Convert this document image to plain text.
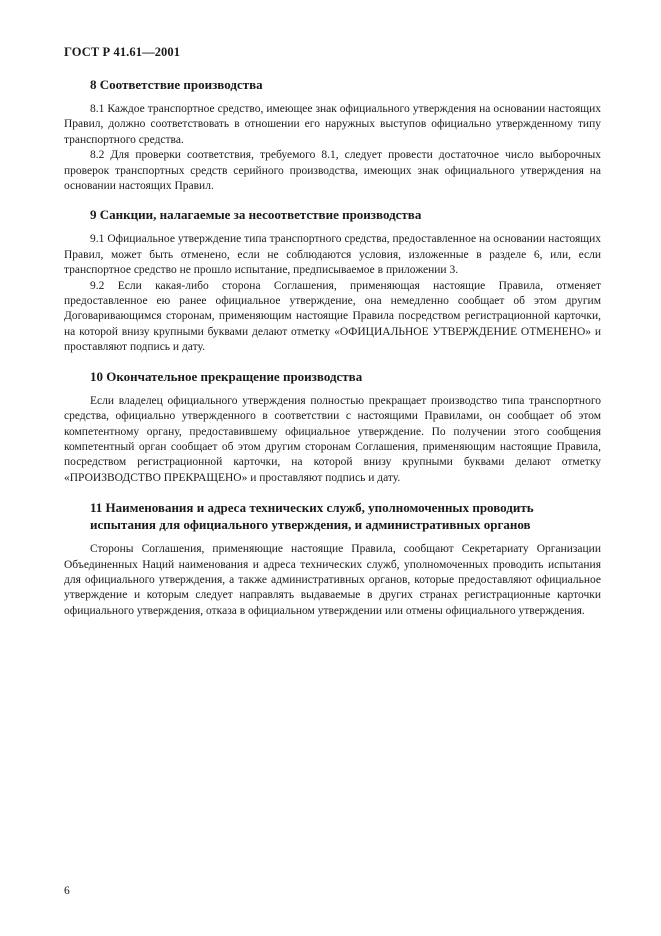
ГОСТ Р 41.61—2001
8 Соответствие производства

8.1 Каждое транспортное средство, имеющее знак официального утверждения на основании настоящих Правил, должно соответствовать в отношении его наружных выступов официально утвержденному типу транспортного средства.

8.2 Для проверки соответствия, требуемого 8.1, следует провести достаточное число выборочных проверок транспортных средств серийного производства, имеющих знак официального утверждения на основании настоящих Правил.

9 Санкции, налагаемые за несоответствие производства

9.1 Официальное утверждение типа транспортного средства, предоставленное на основании настоящих Правил, может быть отменено, если не соблюдаются условия, изложенные в разделе 6, или, если транспортное средство не прошло испытание, предписываемое в приложении 3.

9.2 Если какая-либо сторона Соглашения, применяющая настоящие Правила, отменяет предоставленное ею ранее официальное утверждение, она немедленно сообщает об этом другим Договаривающимся сторонам, применяющим настоящие Правила посредством регистрационной карточки, на которой внизу крупными буквами делают отметку «ОФИЦИАЛЬНОЕ УТВЕРЖДЕНИЕ ОТМЕНЕНО» и проставляют подпись и дату.

10 Окончательное прекращение производства

Если владелец официального утверждения полностью прекращает производство типа транспортного средства, официально утвержденного в соответствии с настоящими Правилами, он сообщает об этом компетентному органу, предоставившему официальное утверждение. По получении этого сообщения компетентный орган сообщает об этом другим сторонам Соглашения, применяющим настоящие Правила, посредством регистрационной карточки, на которой внизу крупными буквами делают отметку «ПРОИЗВОДСТВО ПРЕКРАЩЕНО» и проставляют подпись и дату.

11 Наименования и адреса технических служб, уполномоченных проводить испытания для официального утверждения, и административных органов

Стороны Соглашения, применяющие настоящие Правила, сообщают Секретариату Организации Объединенных Наций наименования и адреса технических служб, уполномоченных проводить испытания для официального утверждения, а также административных органов, которые предоставляют официальное утверждение и которым следует направлять выдаваемые в других странах регистрационные карточки официального утверждения, отказа в официальном утверждении или отмены официального утверждения.

6
